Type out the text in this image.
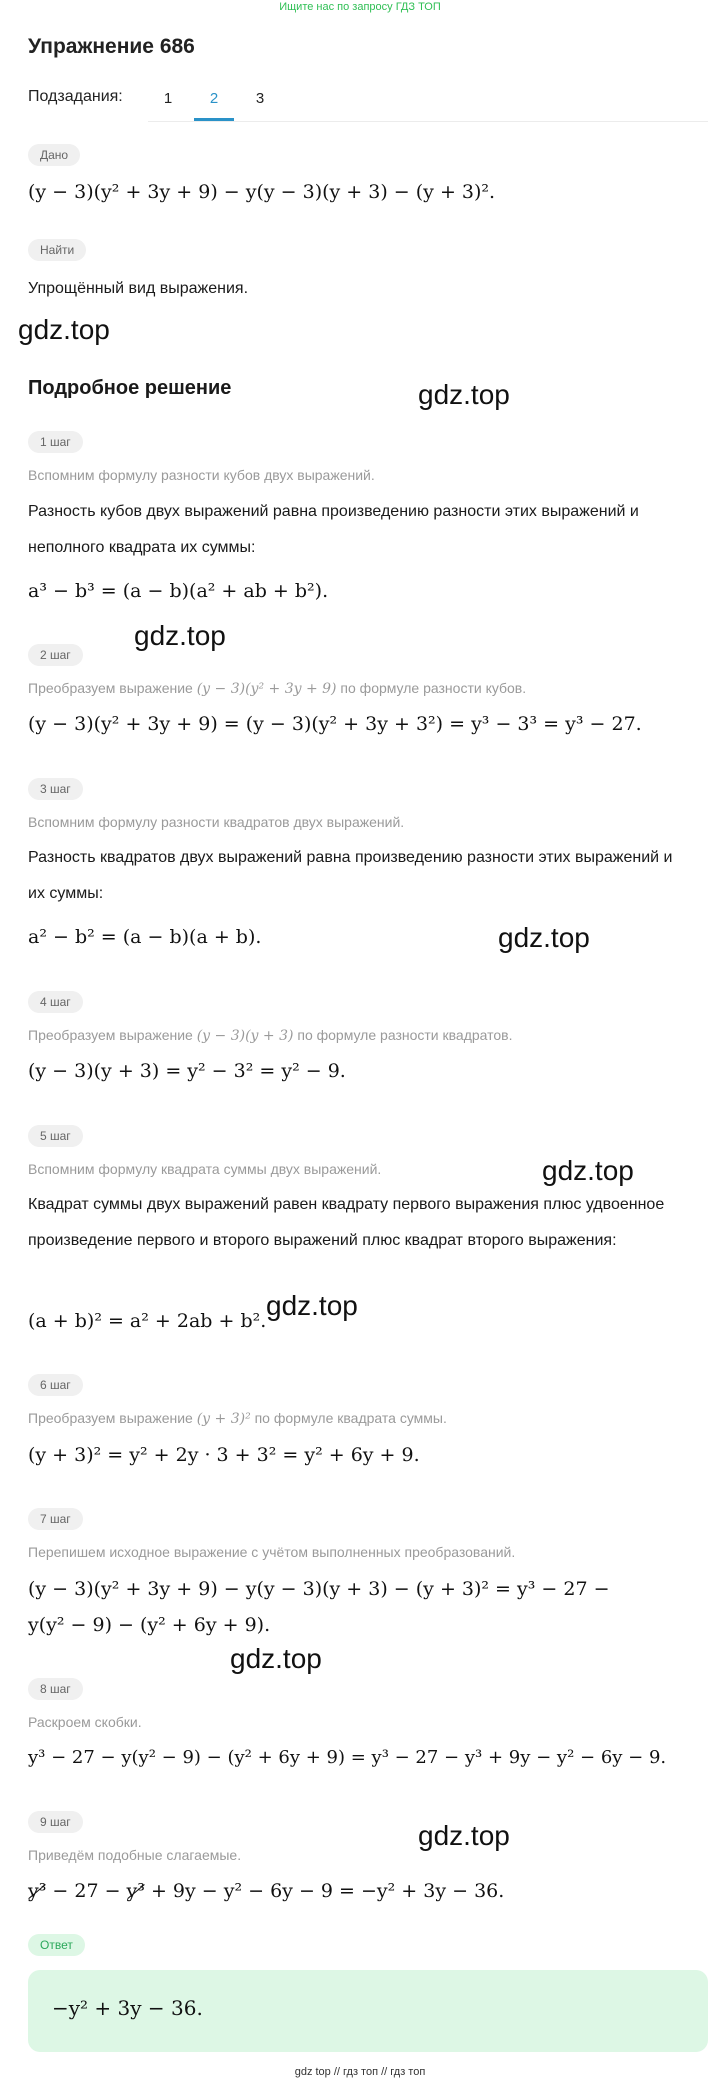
Ищите нас по запросу ГДЗ ТОП
Упражнение 686
Подзадания:	1	2	3
Дано
(y − 3)(y² + 3y + 9) − y(y − 3)(y + 3) − (y + 3)².
Найти
Упрощённый вид выражения.
gdz.top
Подробное решение	gdz.top
1 шаг
Вспомним формулу разности кубов двух выражений.
Разность кубов двух выражений равна произведению разности этих выражений и неполного квадрата их суммы:
a³ − b³ = (a − b)(a² + ab + b²).
gdz.top
2 шаг
Преобразуем выражение (y − 3)(y² + 3y + 9) по формуле разности кубов.
(y − 3)(y² + 3y + 9) = (y − 3)(y² + 3y + 3²) = y³ − 3³ = y³ − 27.
3 шаг
Вспомним формулу разности квадратов двух выражений.
Разность квадратов двух выражений равна произведению разности этих выражений и их суммы:
a² − b² = (a − b)(a + b).	gdz.top
4 шаг
Преобразуем выражение (y − 3)(y + 3) по формуле разности квадратов.
(y − 3)(y + 3) = y² − 3² = y² − 9.
5 шаг
Вспомним формулу квадрата суммы двух выражений.	gdz.top
Квадрат суммы двух выражений равен квадрату первого выражения плюс удвоенное произведение первого и второго выражений плюс квадрат второго выражения:
(a + b)² = a² + 2ab + b². gdz.top
6 шаг
Преобразуем выражение (y + 3)² по формуле квадрата суммы.
(y + 3)² = y² + 2y · 3 + 3² = y² + 6y + 9.
7 шаг
Перепишем исходное выражение с учётом выполненных преобразований.
(y − 3)(y² + 3y + 9) − y(y − 3)(y + 3) − (y + 3)² = y³ − 27 −
y(y² − 9) − (y² + 6y + 9).
gdz.top
8 шаг
Раскроем скобки.
y³ − 27 − y(y² − 9) − (y² + 6y + 9) = y³ − 27 − y³ + 9y − y² − 6y − 9.
9 шаг	gdz.top
Приведём подобные слагаемые.
y³ − 27 − y³ + 9y − y² − 6y − 9 = −y² + 3y − 36.
Ответ
−y² + 3y − 36.
gdz top // гдз топ // гдз топ
